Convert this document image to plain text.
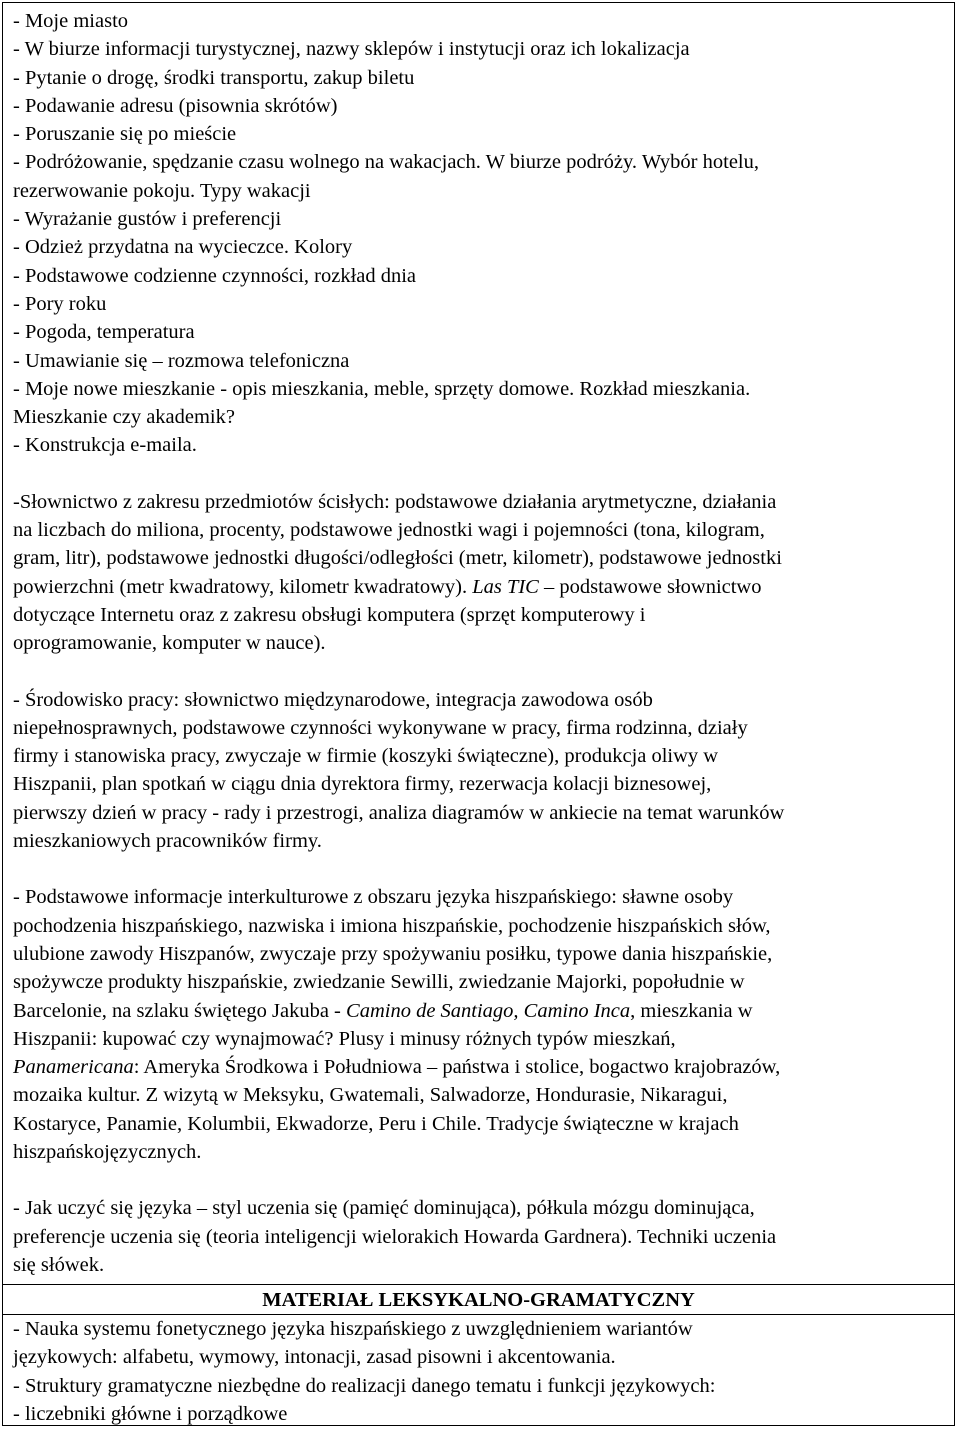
- Moje miasto
- W biurze informacji turystycznej, nazwy sklepów i instytucji oraz ich lokalizacja
- Pytanie o drogę, środki transportu, zakup biletu
- Podawanie adresu (pisownia skrótów)
- Poruszanie się po mieście
- Podróżowanie, spędzanie czasu wolnego na wakacjach. W biurze podróży. Wybór hotelu,
rezerwowanie pokoju. Typy wakacji
- Wyrażanie gustów i preferencji
- Odzież przydatna na wycieczce. Kolory
- Podstawowe codzienne czynności, rozkład dnia
- Pory roku
- Pogoda, temperatura
- Umawianie się – rozmowa telefoniczna
- Moje nowe mieszkanie - opis mieszkania, meble, sprzęty domowe. Rozkład mieszkania.
Mieszkanie czy akademik?
- Konstrukcja e-maila.
-Słownictwo z zakresu przedmiotów ścisłych: podstawowe działania arytmetyczne, działania
na liczbach do miliona, procenty, podstawowe jednostki wagi i pojemności (tona, kilogram,
gram, litr), podstawowe jednostki długości/odległości (metr, kilometr), podstawowe jednostki
powierzchni (metr kwadratowy, kilometr kwadratowy). Las TIC – podstawowe słownictwo
dotyczące Internetu oraz z zakresu obsługi komputera (sprzęt komputerowy i
oprogramowanie, komputer w nauce).
- Środowisko pracy: słownictwo międzynarodowe, integracja zawodowa osób
niepełnosprawnych, podstawowe czynności wykonywane w pracy, firma rodzinna, działy
firmy i stanowiska pracy, zwyczaje w firmie (koszyki świąteczne), produkcja oliwy w
Hiszpanii, plan spotkań w ciągu dnia dyrektora firmy, rezerwacja kolacji biznesowej,
pierwszy dzień w pracy - rady i przestrogi, analiza diagramów w ankiecie na temat warunków
mieszkaniowych pracowników firmy.
- Podstawowe informacje interkulturowe z obszaru języka hiszpańskiego: sławne osoby
pochodzenia hiszpańskiego, nazwiska i imiona hiszpańskie, pochodzenie hiszpańskich słów,
ulubione zawody Hiszpanów, zwyczaje przy spożywaniu posiłku, typowe dania hiszpańskie,
spożywcze produkty hiszpańskie, zwiedzanie Sewilli, zwiedzanie Majorki, popołudnie w
Barcelonie, na szlaku świętego Jakuba - Camino de Santiago, Camino Inca, mieszkania w
Hiszpanii: kupować czy wynajmować? Plusy i minusy różnych typów mieszkań,
Panamericana: Ameryka Środkowa i Południowa – państwa i stolice, bogactwo krajobrazów,
mozaika kultur. Z wizytą w Meksyku, Gwatemali, Salwadorze, Hondurasie, Nikaragui,
Kostaryce, Panamie, Kolumbii, Ekwadorze, Peru i Chile. Tradycje świąteczne w krajach
hiszpańskojęzycznych.
- Jak uczyć się języka – styl uczenia się (pamięć dominująca), półkula mózgu dominująca,
preferencje uczenia się (teoria inteligencji wielorakich Howarda Gardnera). Techniki uczenia
się słówek.
MATERIAŁ LEKSYKALNO-GRAMATYCZNY
- Nauka systemu fonetycznego języka hiszpańskiego z uwzględnieniem wariantów
językowych: alfabetu, wymowy, intonacji, zasad pisowni i akcentowania.
- Struktury gramatyczne niezbędne do realizacji danego tematu i funkcji językowych:
- liczebniki główne i porządkowe
